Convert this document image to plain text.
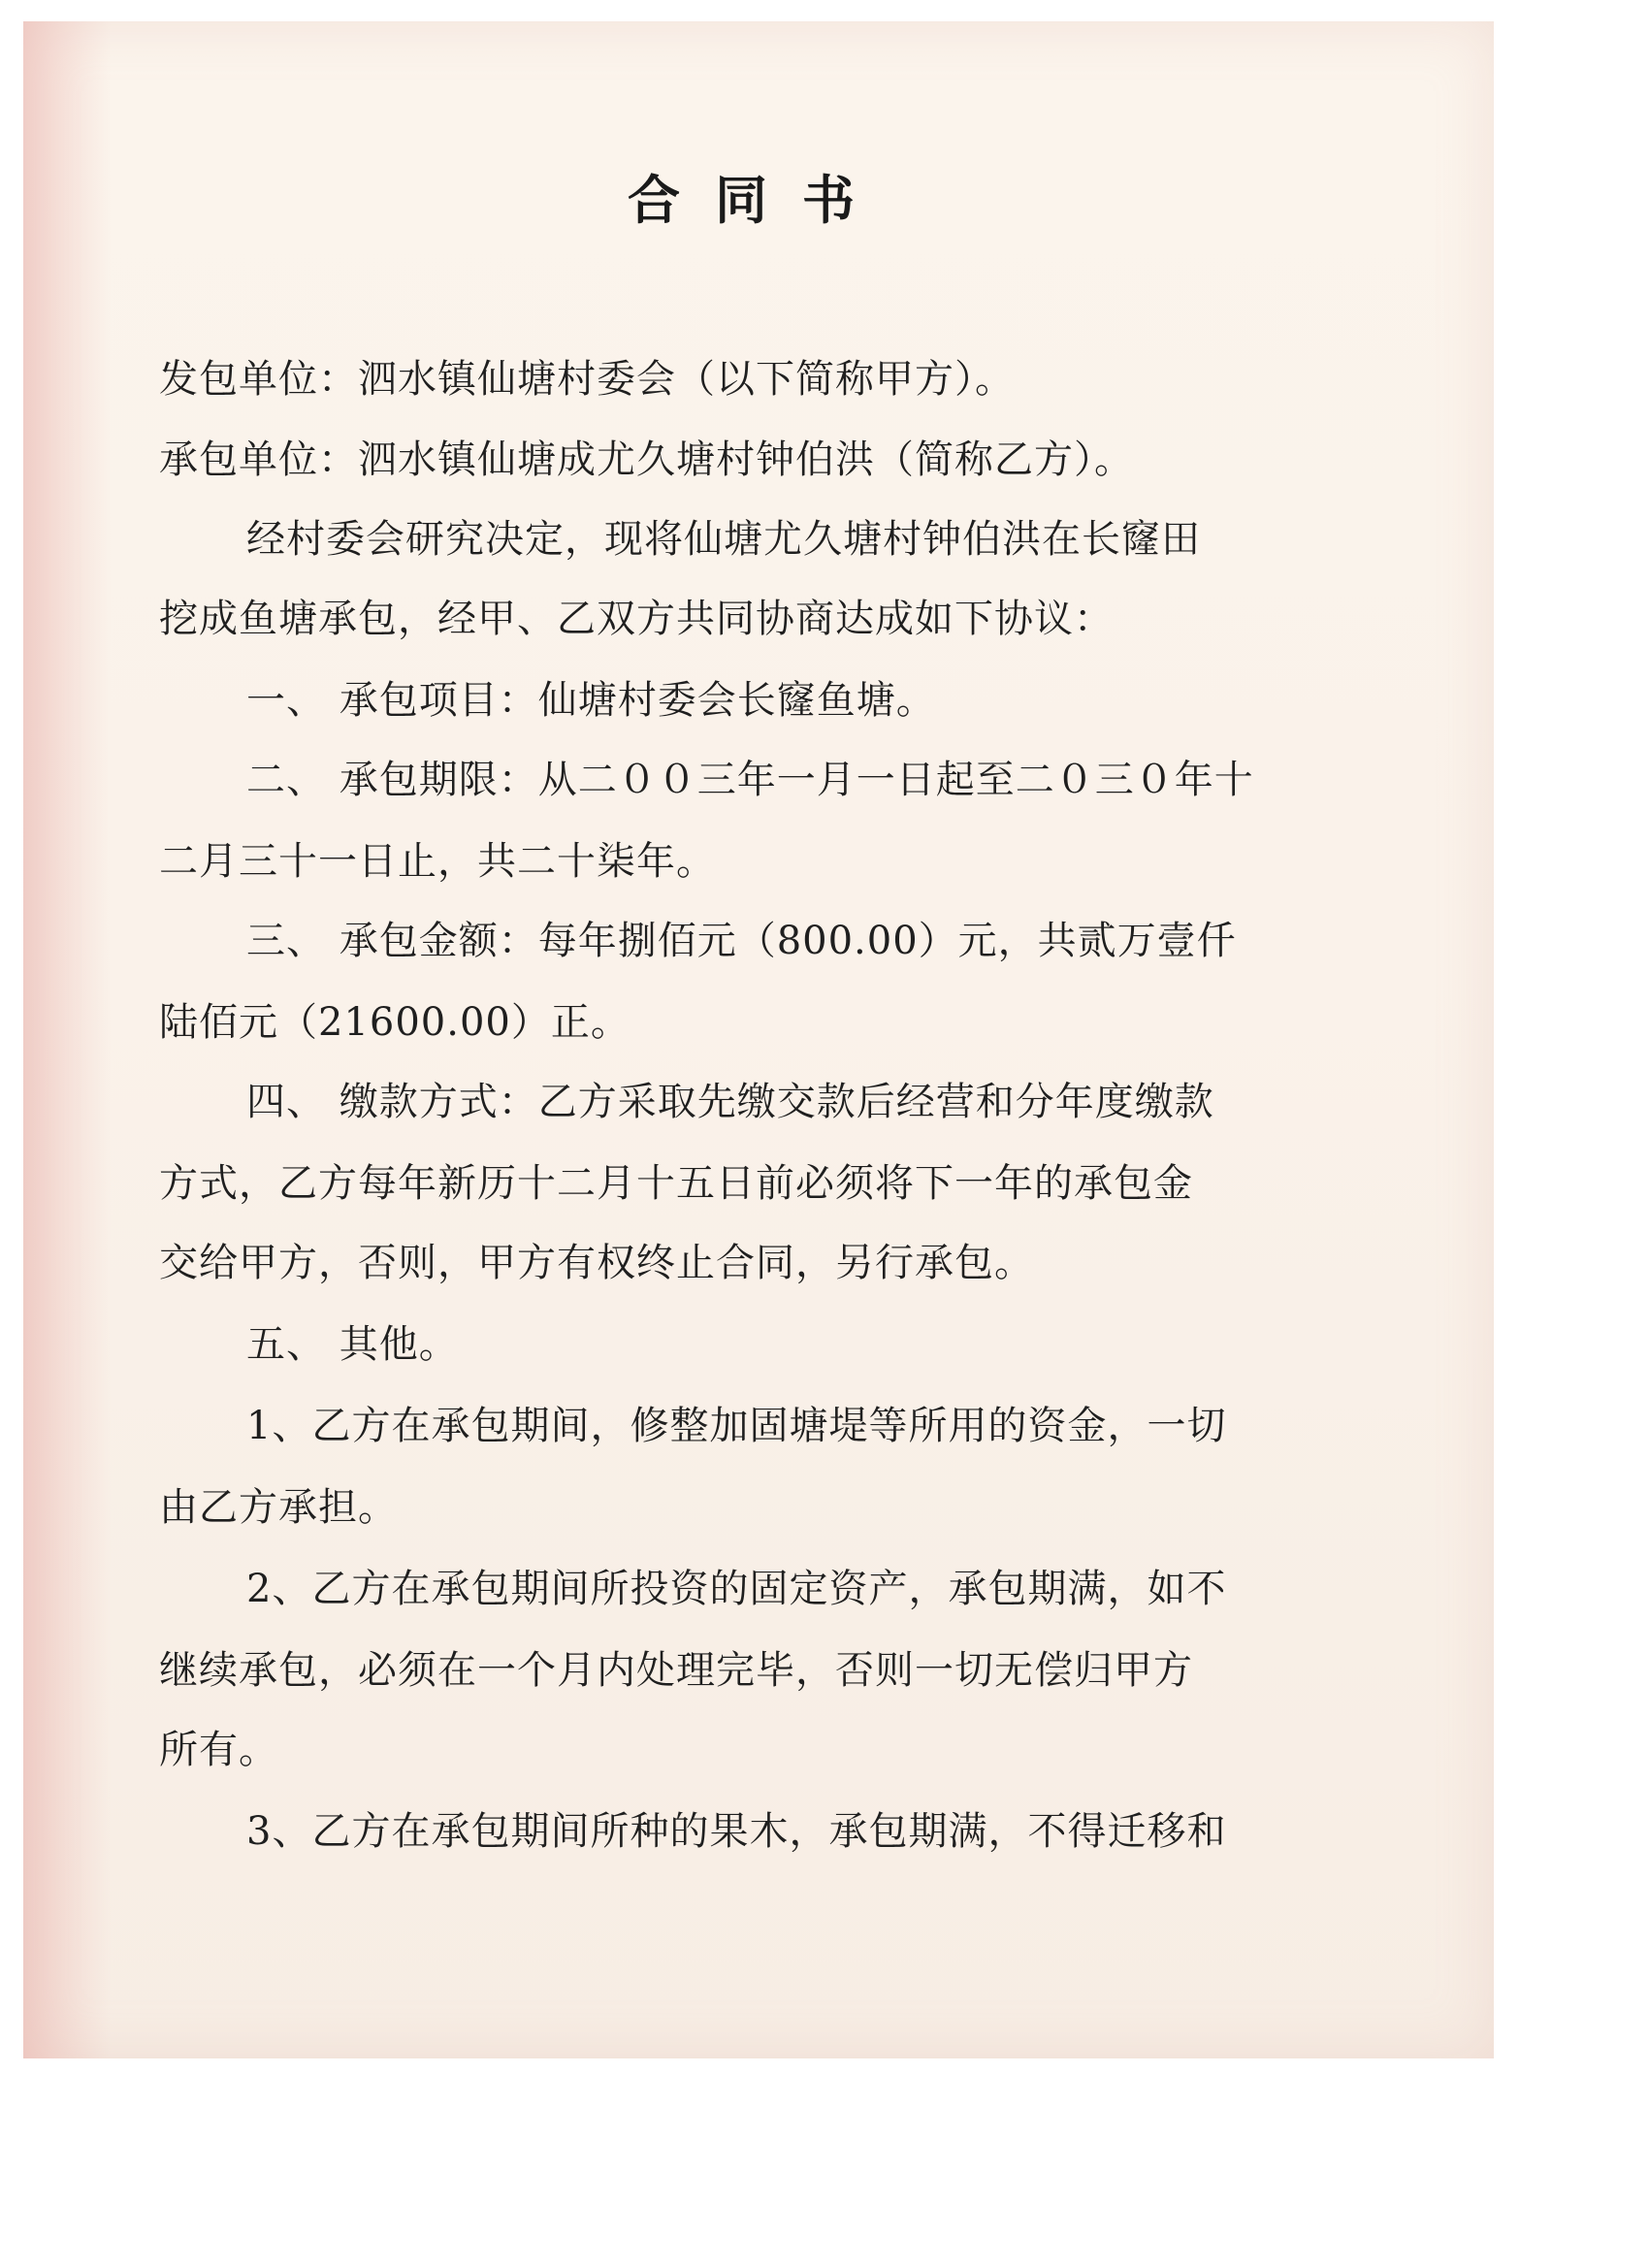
合同书

发包单位：泗水镇仙塘村委会（以下简称甲方）。

承包单位：泗水镇仙塘成尤久塘村钟伯洪（简称乙方）。

经村委会研究决定，现将仙塘尤久塘村钟伯洪在长窿田

挖成鱼塘承包，经甲、乙双方共同协商达成如下协议：

一、 承包项目：仙塘村委会长窿鱼塘。

二、 承包期限：从二００三年一月一日起至二０三０年十

二月三十一日止，共二十柒年。

三、 承包金额：每年捌佰元（800.00）元，共贰万壹仟

陆佰元（21600.00）正。

四、 缴款方式：乙方采取先缴交款后经营和分年度缴款

方式，乙方每年新历十二月十五日前必须将下一年的承包金

交给甲方，否则，甲方有权终止合同，另行承包。

五、 其他。

1、乙方在承包期间，修整加固塘堤等所用的资金，一切

由乙方承担。

2、乙方在承包期间所投资的固定资产，承包期满，如不

继续承包，必须在一个月内处理完毕，否则一切无偿归甲方

所有。

3、乙方在承包期间所种的果木，承包期满，不得迁移和
